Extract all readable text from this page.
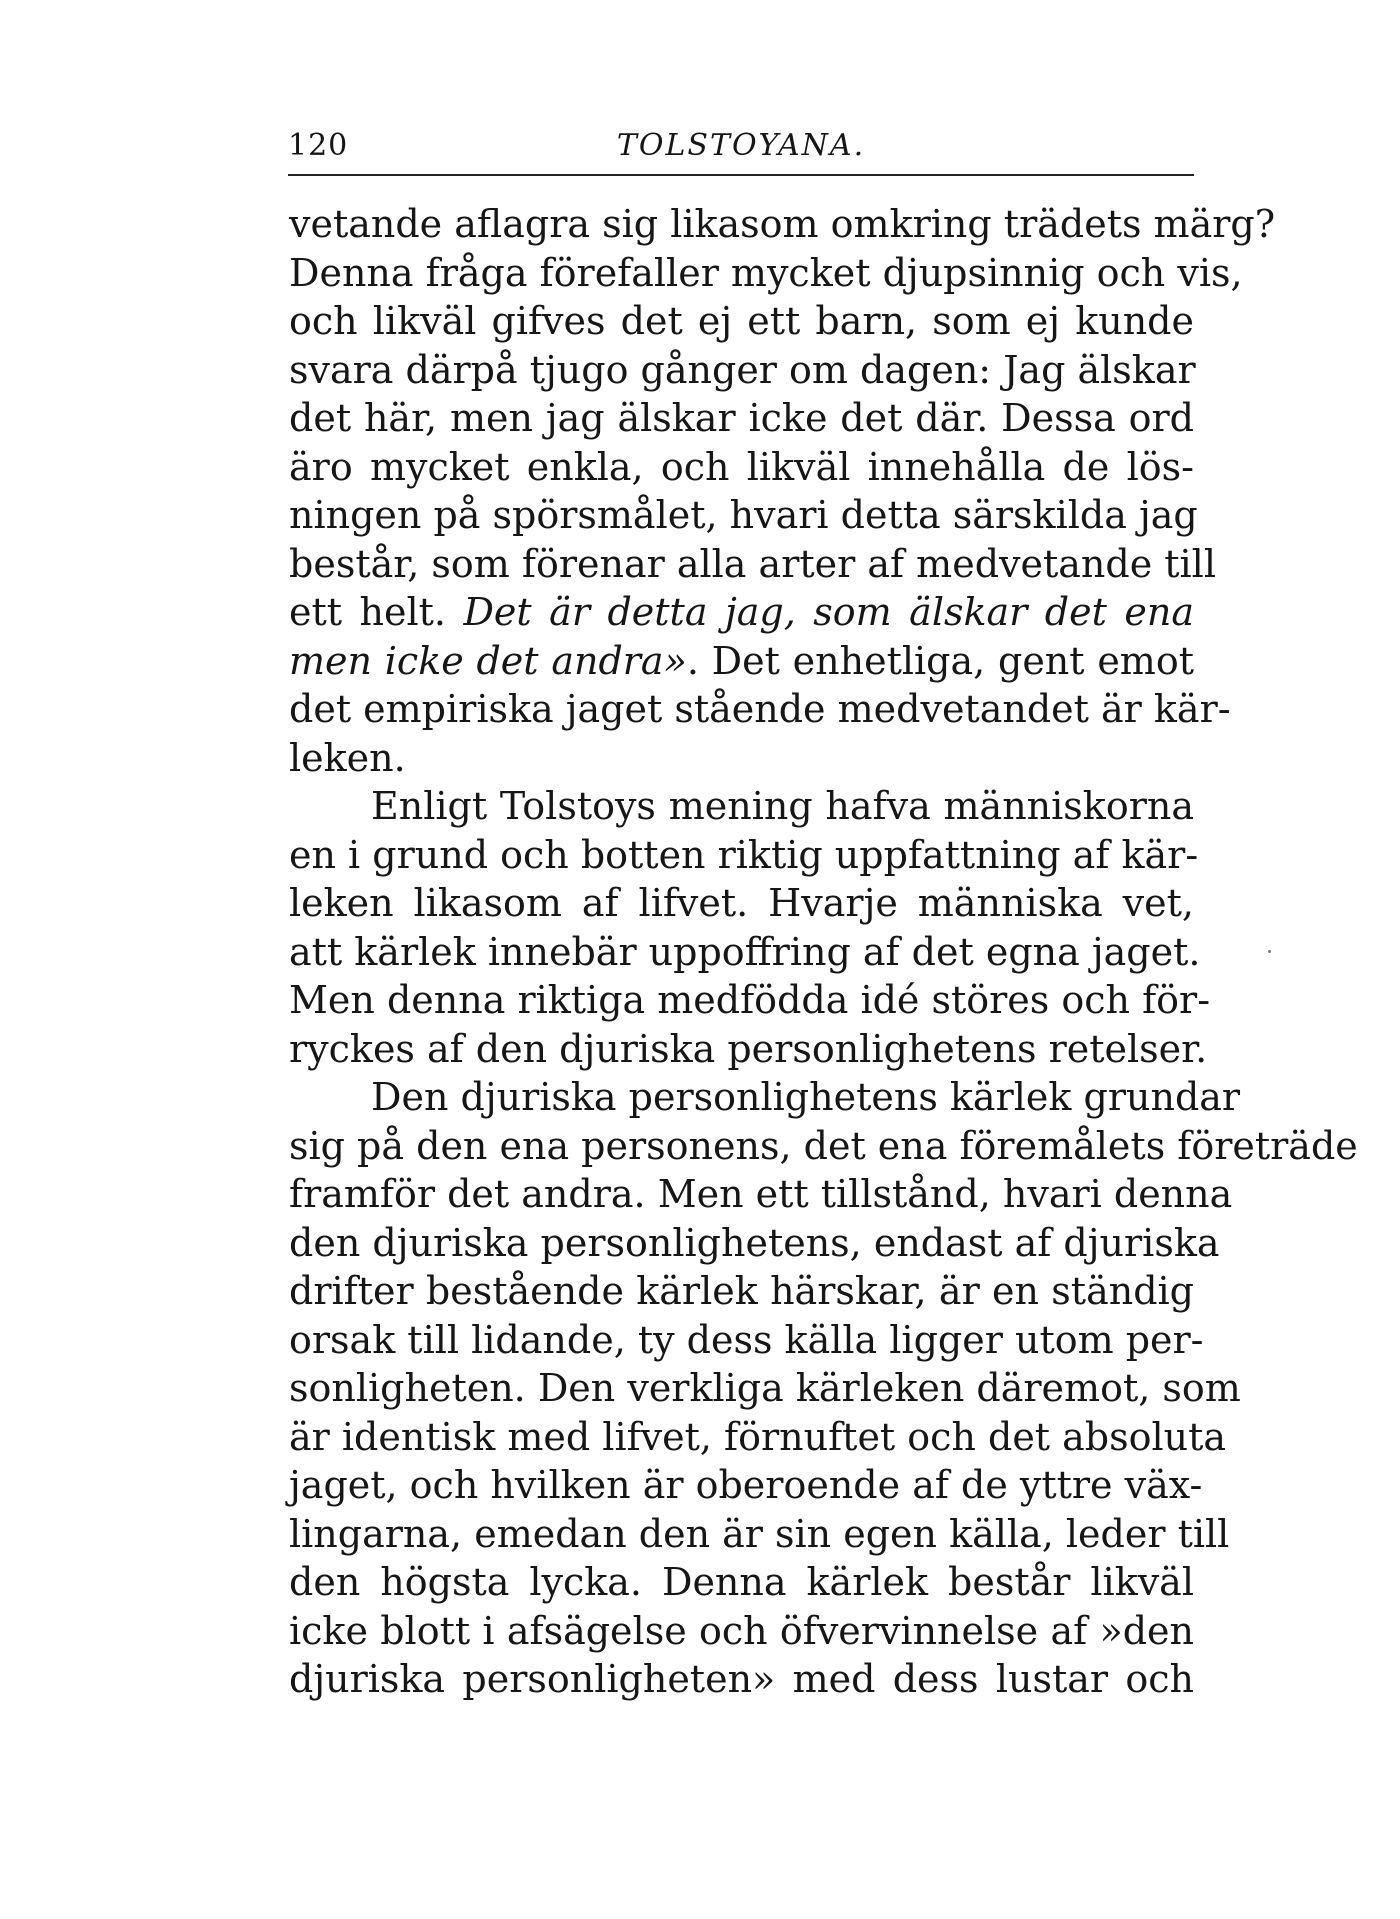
120	TOLSTOYANA.
vetande aflagra sig likasom omkring trädets märg?
Denna fråga förefaller mycket djupsinnig och vis,
och likväl gifves det ej ett barn, som ej kunde
svara därpå tjugo gånger om dagen: Jag älskar
det här, men jag älskar icke det där. Dessa ord
äro mycket enkla, och likväl innehålla de lös-
ningen på spörsmålet, hvari detta särskilda jag
består, som förenar alla arter af medvetande till
ett helt. Det är detta jag, som älskar det ena
men icke det andra». Det enhetliga, gent emot
det empiriska jaget stående medvetandet är kär-
leken.
Enligt Tolstoys mening hafva människorna
en i grund och botten riktig uppfattning af kär-
leken likasom af lifvet. Hvarje människa vet,
att kärlek innebär uppoffring af det egna jaget.
Men denna riktiga medfödda idé störes och för-
ryckes af den djuriska personlighetens retelser.
Den djuriska personlighetens kärlek grundar
sig på den ena personens, det ena föremålets företräde
framför det andra. Men ett tillstånd, hvari denna
den djuriska personlighetens, endast af djuriska
drifter bestående kärlek härskar, är en ständig
orsak till lidande, ty dess källa ligger utom per-
sonligheten. Den verkliga kärleken däremot, som
är identisk med lifvet, förnuftet och det absoluta
jaget, och hvilken är oberoende af de yttre väx-
lingarna, emedan den är sin egen källa, leder till
den högsta lycka. Denna kärlek består likväl
icke blott i afsägelse och öfvervinnelse af »den
djuriska personligheten» med dess lustar och
